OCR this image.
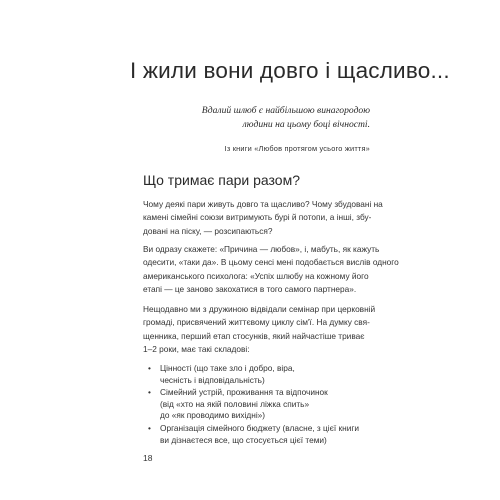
І жили вони довго і щасливо...
Вдалий шлюб є найбільшою винагородою
людини на цьому боці вічності.
Із книги «Любов протягом усього життя»
Що тримає пари разом?

Чому деякі пари живуть довго та щасливо? Чому збудовані на
камені сімейні союзи витримують бурі й потопи, а інші, збу-
довані на піску, — розсипаються?

Ви одразу скажете: «Причина — любов», і, мабуть, як кажуть
одесити, «таки да». В цьому сенсі мені подобається вислів одного
американського психолога: «Успіх шлюбу на кожному його
етапі — це заново закохатися в того самого партнера».

Нещодавно ми з дружиною відвідали семінар при церковній
громаді, присвячений життєвому циклу сім'ї. На думку свя-
щенника, перший етап стосунків, який найчастіше триває
1–2 роки, має такі складові:

• Цінності (що таке зло і добро, віра,
чесність і відповідальність)
• Сімейний устрій, проживання та відпочинок
(від «хто на якій половині ліжка спить»
до «як проводимо вихідні»)
• Організація сімейного бюджету (власне, з цієї книги
ви дізнаєтеся все, що стосується цієї теми)
18
